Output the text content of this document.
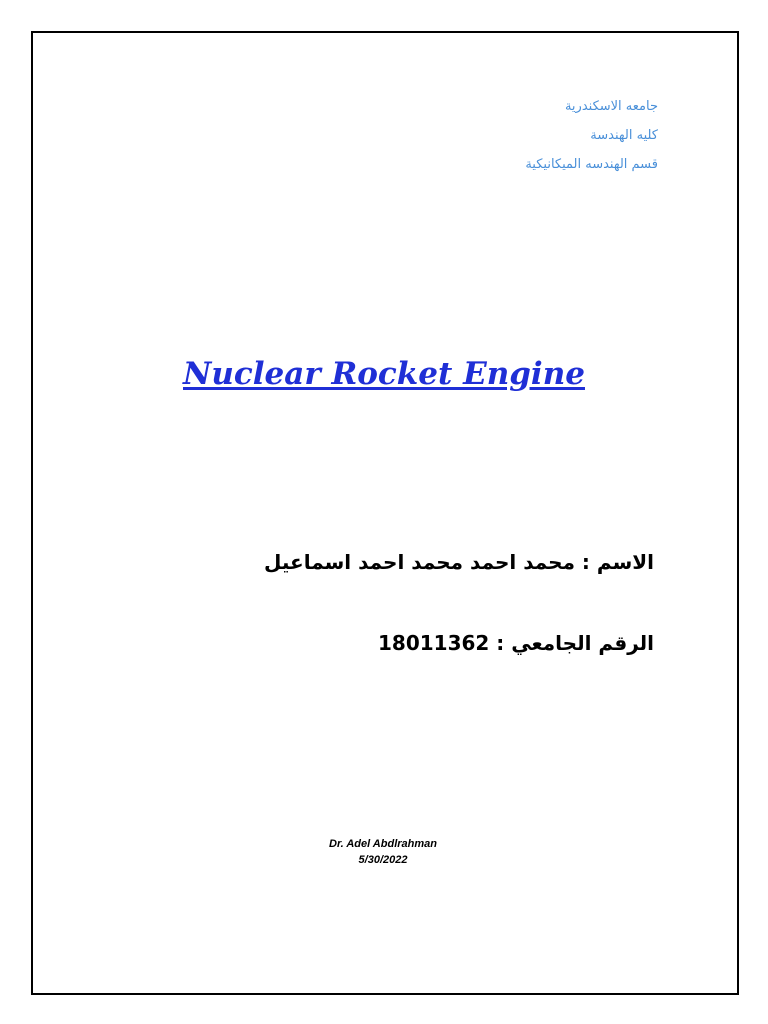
جامعه الاسكندرية
كليه الهندسة
قسم الهندسه الميكانيكية
Nuclear Rocket Engine
الاسم : محمد احمد محمد احمد اسماعيل
الرقم الجامعي : 18011362
Dr. Adel Abdlrahman
5/30/2022
